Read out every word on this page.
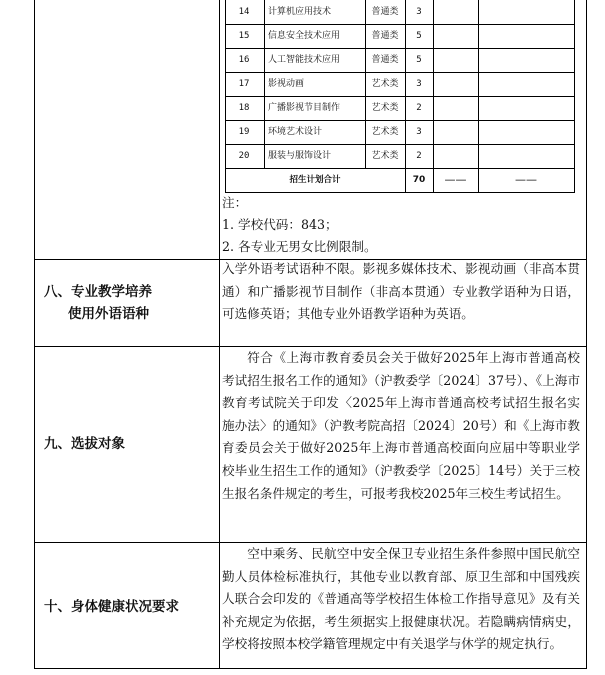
14	计算机应用技术	普通类	3
15	信息安全技术应用	普通类	5
16	人工智能技术应用	普通类	5
17	影视动画	艺术类	3
18	广播影视节目制作	艺术类	2
19	环境艺术设计	艺术类	3
20	服装与服饰设计	艺术类	2
招生计划合计	70	——	——
注：
1. 学校代码：843；
2. 各专业无男女比例限制。
八、专业教学培养
使用外语语种
入学外语考试语种不限。影视多媒体技术、影视动画（非高本贯通）和广播影视节目制作（非高本贯通）专业教学语种为日语，可选修英语；其他专业外语教学语种为英语。
九、选拔对象
符合《上海市教育委员会关于做好2025年上海市普通高校考试招生报名工作的通知》（沪教委学〔2024〕37号）、《上海市教育考试院关于印发〈2025年上海市普通高校考试招生报名实施办法〉的通知》（沪教考院高招〔2024〕20号）和《上海市教育委员会关于做好2025年上海市普通高校面向应届中等职业学校毕业生招生工作的通知》（沪教委学〔2025〕14号）关于三校生报名条件规定的考生，可报考我校2025年三校生考试招生。
十、身体健康状况要求
空中乘务、民航空中安全保卫专业招生条件参照中国民航空勤人员体检标准执行，其他专业以教育部、原卫生部和中国残疾人联合会印发的《普通高等学校招生体检工作指导意见》及有关补充规定为依据，考生须据实上报健康状况。若隐瞒病情病史，学校将按照本校学籍管理规定中有关退学与休学的规定执行。
